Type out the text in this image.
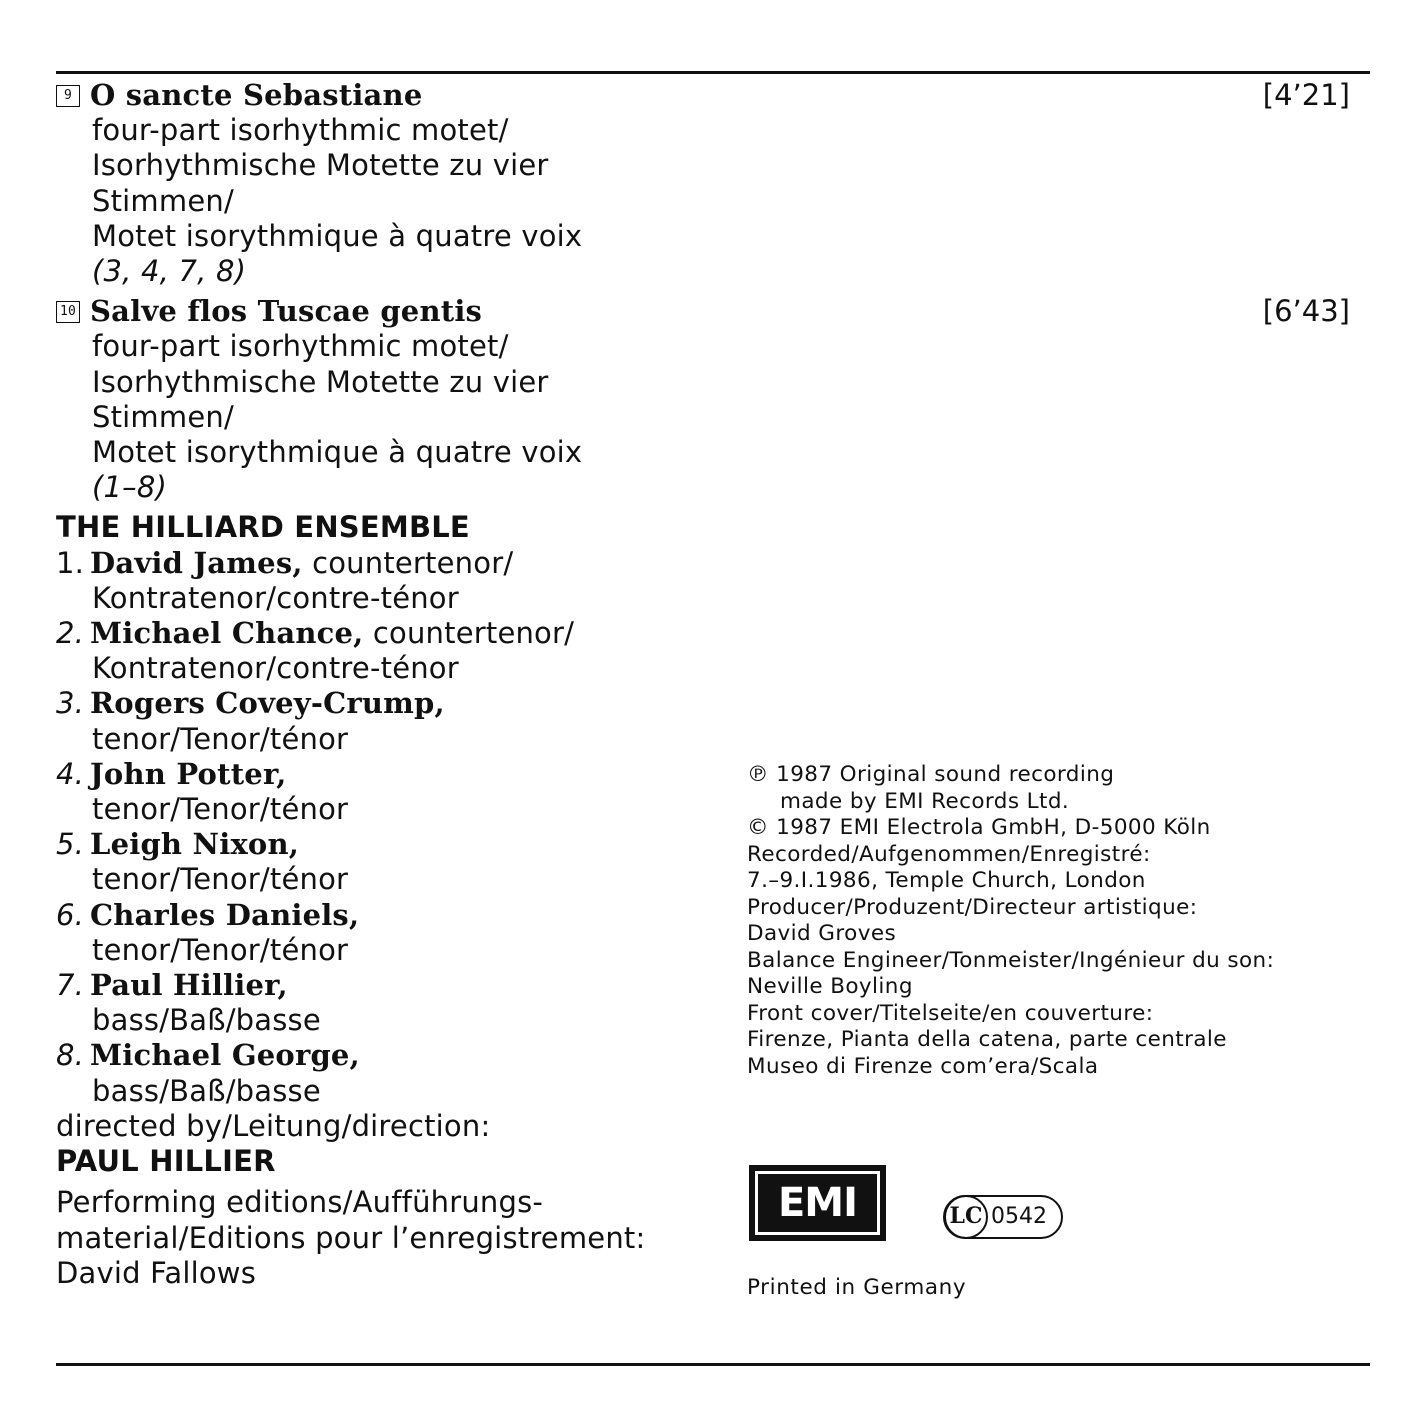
9 O sancte Sebastiane	[4’21]
four-part isorhythmic motet/
Isorhythmische Motette zu vier
Stimmen/
Motet isorythmique à quatre voix
(3, 4, 7, 8)
10 Salve flos Tuscae gentis	[6’43]
four-part isorhythmic motet/
Isorhythmische Motette zu vier
Stimmen/
Motet isorythmique à quatre voix
(1–8)
THE HILLIARD ENSEMBLE
1. David James, countertenor/
Kontratenor/contre-ténor
2. Michael Chance, countertenor/
Kontratenor/contre-ténor
3. Rogers Covey-Crump,
tenor/Tenor/ténor
4. John Potter,
tenor/Tenor/ténor
5. Leigh Nixon,
tenor/Tenor/ténor
6. Charles Daniels,
tenor/Tenor/ténor
7. Paul Hillier,
bass/Baß/basse
8. Michael George,
bass/Baß/basse
directed by/Leitung/direction:
PAUL HILLIER
Performing editions/Aufführungs-
material/Editions pour l’enregistrement:
David Fallows
℗ 1987 Original sound recording
made by EMI Records Ltd.
© 1987 EMI Electrola GmbH, D-5000 Köln
Recorded/Aufgenommen/Enregistré:
7.–9.I.1986, Temple Church, London
Producer/Produzent/Directeur artistique:
David Groves
Balance Engineer/Tonmeister/Ingénieur du son:
Neville Boyling
Front cover/Titelseite/en couverture:
Firenze, Pianta della catena, parte centrale
Museo di Firenze com’era/Scala
EMI	LC 0542
Printed in Germany
